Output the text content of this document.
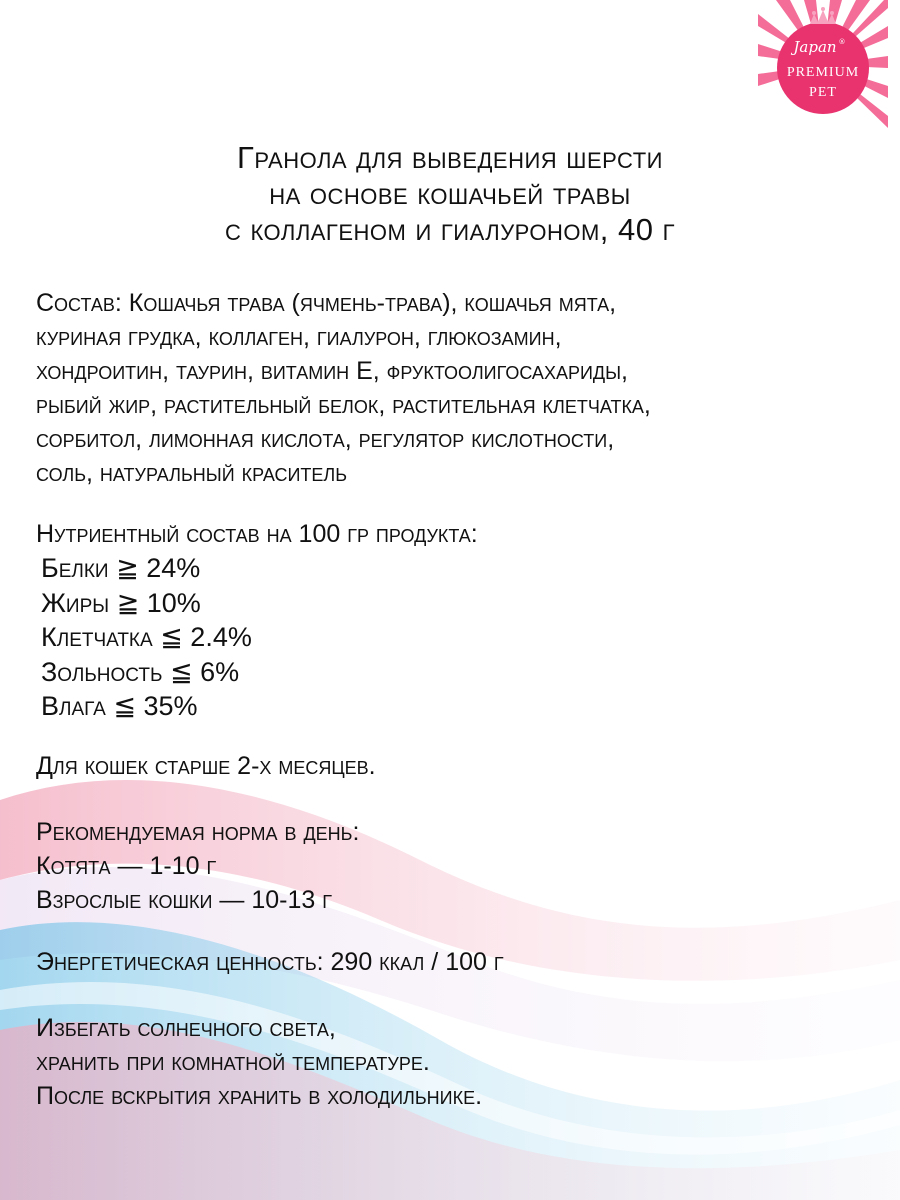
Japan ®
PREMIUM
PET
Гранола для выведения шерсти
на основе кошачьей травы
с коллагеном и гиалуроном, 40 г
Состав: Кошачья трава (ячмень-трава), кошачья мята,
куриная грудка, коллаген, гиалурон, глюкозамин,
хондроитин, таурин, витамин Е, фруктоолигосахариды,
рыбий жир, растительный белок, растительная клетчатка,
сорбитол, лимонная кислота, регулятор кислотности,
соль, натуральный краситель
Нутриентный состав на 100 гр продукта:
Белки ≧ 24%
Жиры ≧ 10%
Клетчатка ≦ 2.4%
Зольность ≦ 6%
Влага ≦ 35%
Для кошек старше 2-х месяцев.
Рекомендуемая норма в день:
Котята — 1-10 г
Взрослые кошки — 10-13 г
Энергетическая ценность: 290 ккал / 100 г
Избегать солнечного света,
хранить при комнатной температуре.
После вскрытия хранить в холодильнике.
